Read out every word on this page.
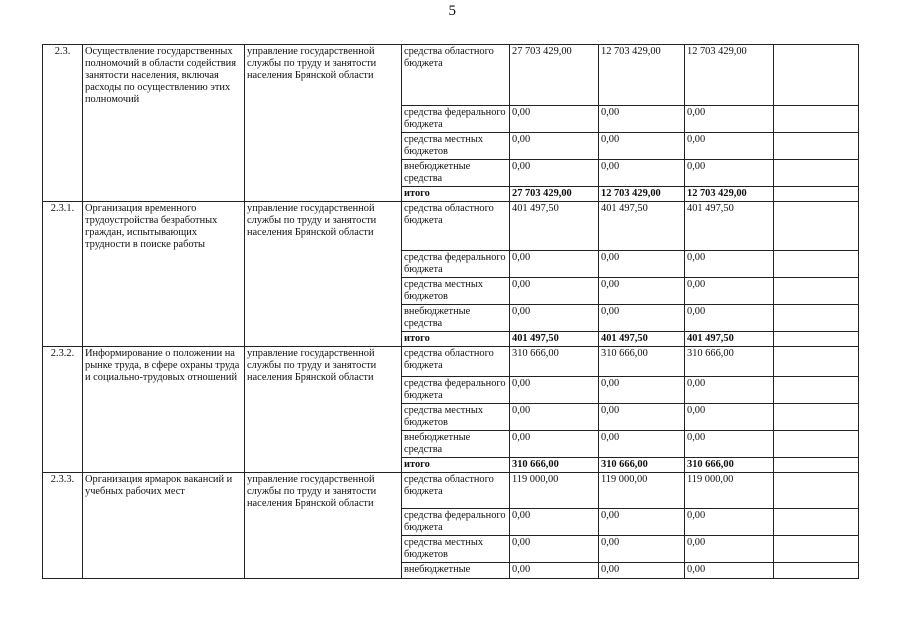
5
2.3.	Осуществление государственных полномочий в области содействия занятости населения, включая расходы по осуществлению этих полномочий	управление государственной службы по труду и занятости населения Брянской области	средства областного бюджета	27 703 429,00	12 703 429,00	12 703 429,00	
			средства федерального бюджета	0,00	0,00	0,00	
			средства местных бюджетов	0,00	0,00	0,00	
			внебюджетные средства	0,00	0,00	0,00	
			итого	27 703 429,00	12 703 429,00	12 703 429,00	
2.3.1.	Организация временного трудоустройства безработных граждан, испытывающих трудности в поиске работы	управление государственной службы по труду и занятости населения Брянской области	средства областного бюджета	401 497,50	401 497,50	401 497,50	
			средства федерального бюджета	0,00	0,00	0,00	
			средства местных бюджетов	0,00	0,00	0,00	
			внебюджетные средства	0,00	0,00	0,00	
			итого	401 497,50	401 497,50	401 497,50	
2.3.2.	Информирование о положении на рынке труда, в сфере охраны труда и социально-трудовых отношений	управление государственной службы по труду и занятости населения Брянской области	средства областного бюджета	310 666,00	310 666,00	310 666,00	
			средства федерального бюджета	0,00	0,00	0,00	
			средства местных бюджетов	0,00	0,00	0,00	
			внебюджетные средства	0,00	0,00	0,00	
			итого	310 666,00	310 666,00	310 666,00	
2.3.3.	Организация ярмарок вакансий и учебных рабочих мест	управление государственной службы по труду и занятости населения Брянской области	средства областного бюджета	119 000,00	119 000,00	119 000,00	
			средства федерального бюджета	0,00	0,00	0,00	
			средства местных бюджетов	0,00	0,00	0,00	
			внебюджетные	0,00	0,00	0,00	
